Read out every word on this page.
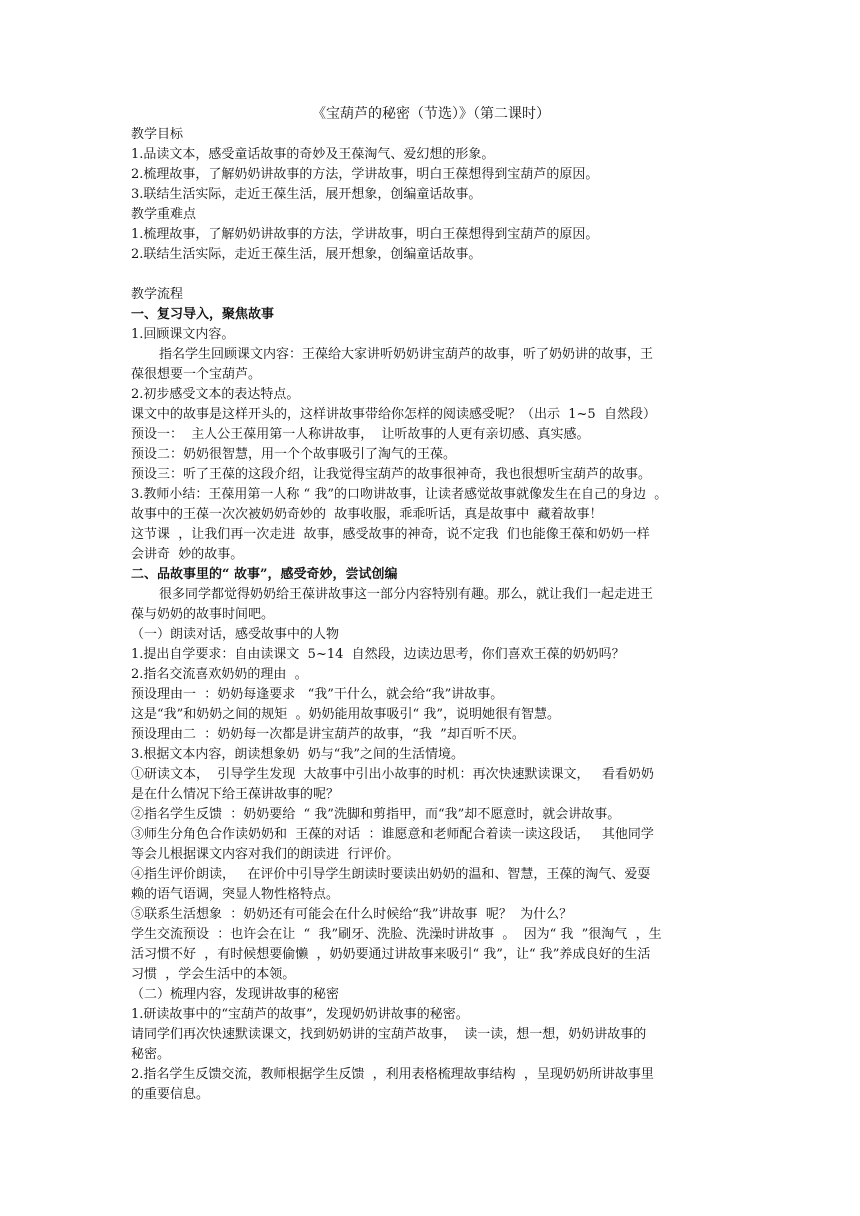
《宝葫芦的秘密（节选）》（第二课时）
教学目标
1.品读文本，感受童话故事的奇妙及王葆淘气、爱幻想的形象。
2.梳理故事，了解奶奶讲故事的方法，学讲故事，明白王葆想得到宝葫芦的原因。
3.联结生活实际，走近王葆生活，展开想象，创编童话故事。
教学重难点
1.梳理故事，了解奶奶讲故事的方法，学讲故事，明白王葆想得到宝葫芦的原因。
2.联结生活实际，走近王葆生活，展开想象，创编童话故事。
教学流程
一、复习导入，聚焦故事
1.回顾课文内容。
指名学生回顾课文内容：王葆给大家讲听奶奶讲宝葫芦的故事，听了奶奶讲的故事，王
葆很想要一个宝葫芦。
2.初步感受文本的表达特点。
课文中的故事是这样开头的，这样讲故事带给你怎样的阅读感受呢？（出示  1~5  自然段）
预设一：  主人公王葆用第一人称讲故事，  让听故事的人更有亲切感、真实感。
预设二：奶奶很智慧，用一个个故事吸引了淘气的王葆。
预设三：听了王葆的这段介绍，让我觉得宝葫芦的故事很神奇，我也很想听宝葫芦的故事。
3.教师小结：王葆用第一人称 “ 我”的口吻讲故事，让读者感觉故事就像发生在自己的身边  。
故事中的王葆一次次被奶奶奇妙的  故事收服，乖乖听话，真是故事中  藏着故事！
这节课  ，让我们再一次走进  故事，感受故事的神奇，说不定我  们也能像王葆和奶奶一样
会讲奇  妙的故事。
二、品故事里的“ 故事”，感受奇妙，尝试创编
很多同学都觉得奶奶给王葆讲故事这一部分内容特别有趣。那么，就让我们一起走进王
葆与奶奶的故事时间吧。
（一）朗读对话，感受故事中的人物
1.提出自学要求：自由读课文  5~14  自然段，边读边思考，你们喜欢王葆的奶奶吗？
2.指名交流喜欢奶奶的理由  。
预设理由一  ：奶奶每逢要求   “我”干什么，就会给“我”讲故事。
这是“我”和奶奶之间的规矩  。奶奶能用故事吸引“ 我”，说明她很有智慧。
预设理由二  ：奶奶每一次都是讲宝葫芦的故事，“我  ”却百听不厌。
3.根据文本内容，朗读想象奶  奶与“我”之间的生活情境。
①研读文本，  引导学生发现  大故事中引出小故事的时机：再次快速默读课文，   看看奶奶
是在什么情况下给王葆讲故事的呢？
②指名学生反馈  ：奶奶要给  “ 我”洗脚和剪指甲，而“我”却不愿意时，就会讲故事。
③师生分角色合作读奶奶和  王葆的对话  ：谁愿意和老师配合着读一读这段话，   其他同学
等会儿根据课文内容对我们的朗读进  行评价。
④指生评价朗读，   在评价中引导学生朗读时要读出奶奶的温和、智慧，王葆的淘气、爱耍
赖的语气语调，突显人物性格特点。
⑤联系生活想象  ：奶奶还有可能会在什么时候给“我”讲故事  呢？  为什么？
学生交流预设  ：也许会在让  “  我”刷牙、洗脸、洗澡时讲故事  。  因为“ 我  ”很淘气  ，生
活习惯不好  ，有时候想要偷懒  ，奶奶要通过讲故事来吸引“ 我”，让“ 我”养成良好的生活
习惯  ，学会生活中的本领。
（二）梳理内容，发现讲故事的秘密
1.研读故事中的“宝葫芦的故事”，发现奶奶讲故事的秘密。
请同学们再次快速默读课文，找到奶奶讲的宝葫芦故事，  读一读，想一想，奶奶讲故事的
秘密。
2.指名学生反馈交流，教师根据学生反馈  ，利用表格梳理故事结构  ，呈现奶奶所讲故事里
的重要信息。
